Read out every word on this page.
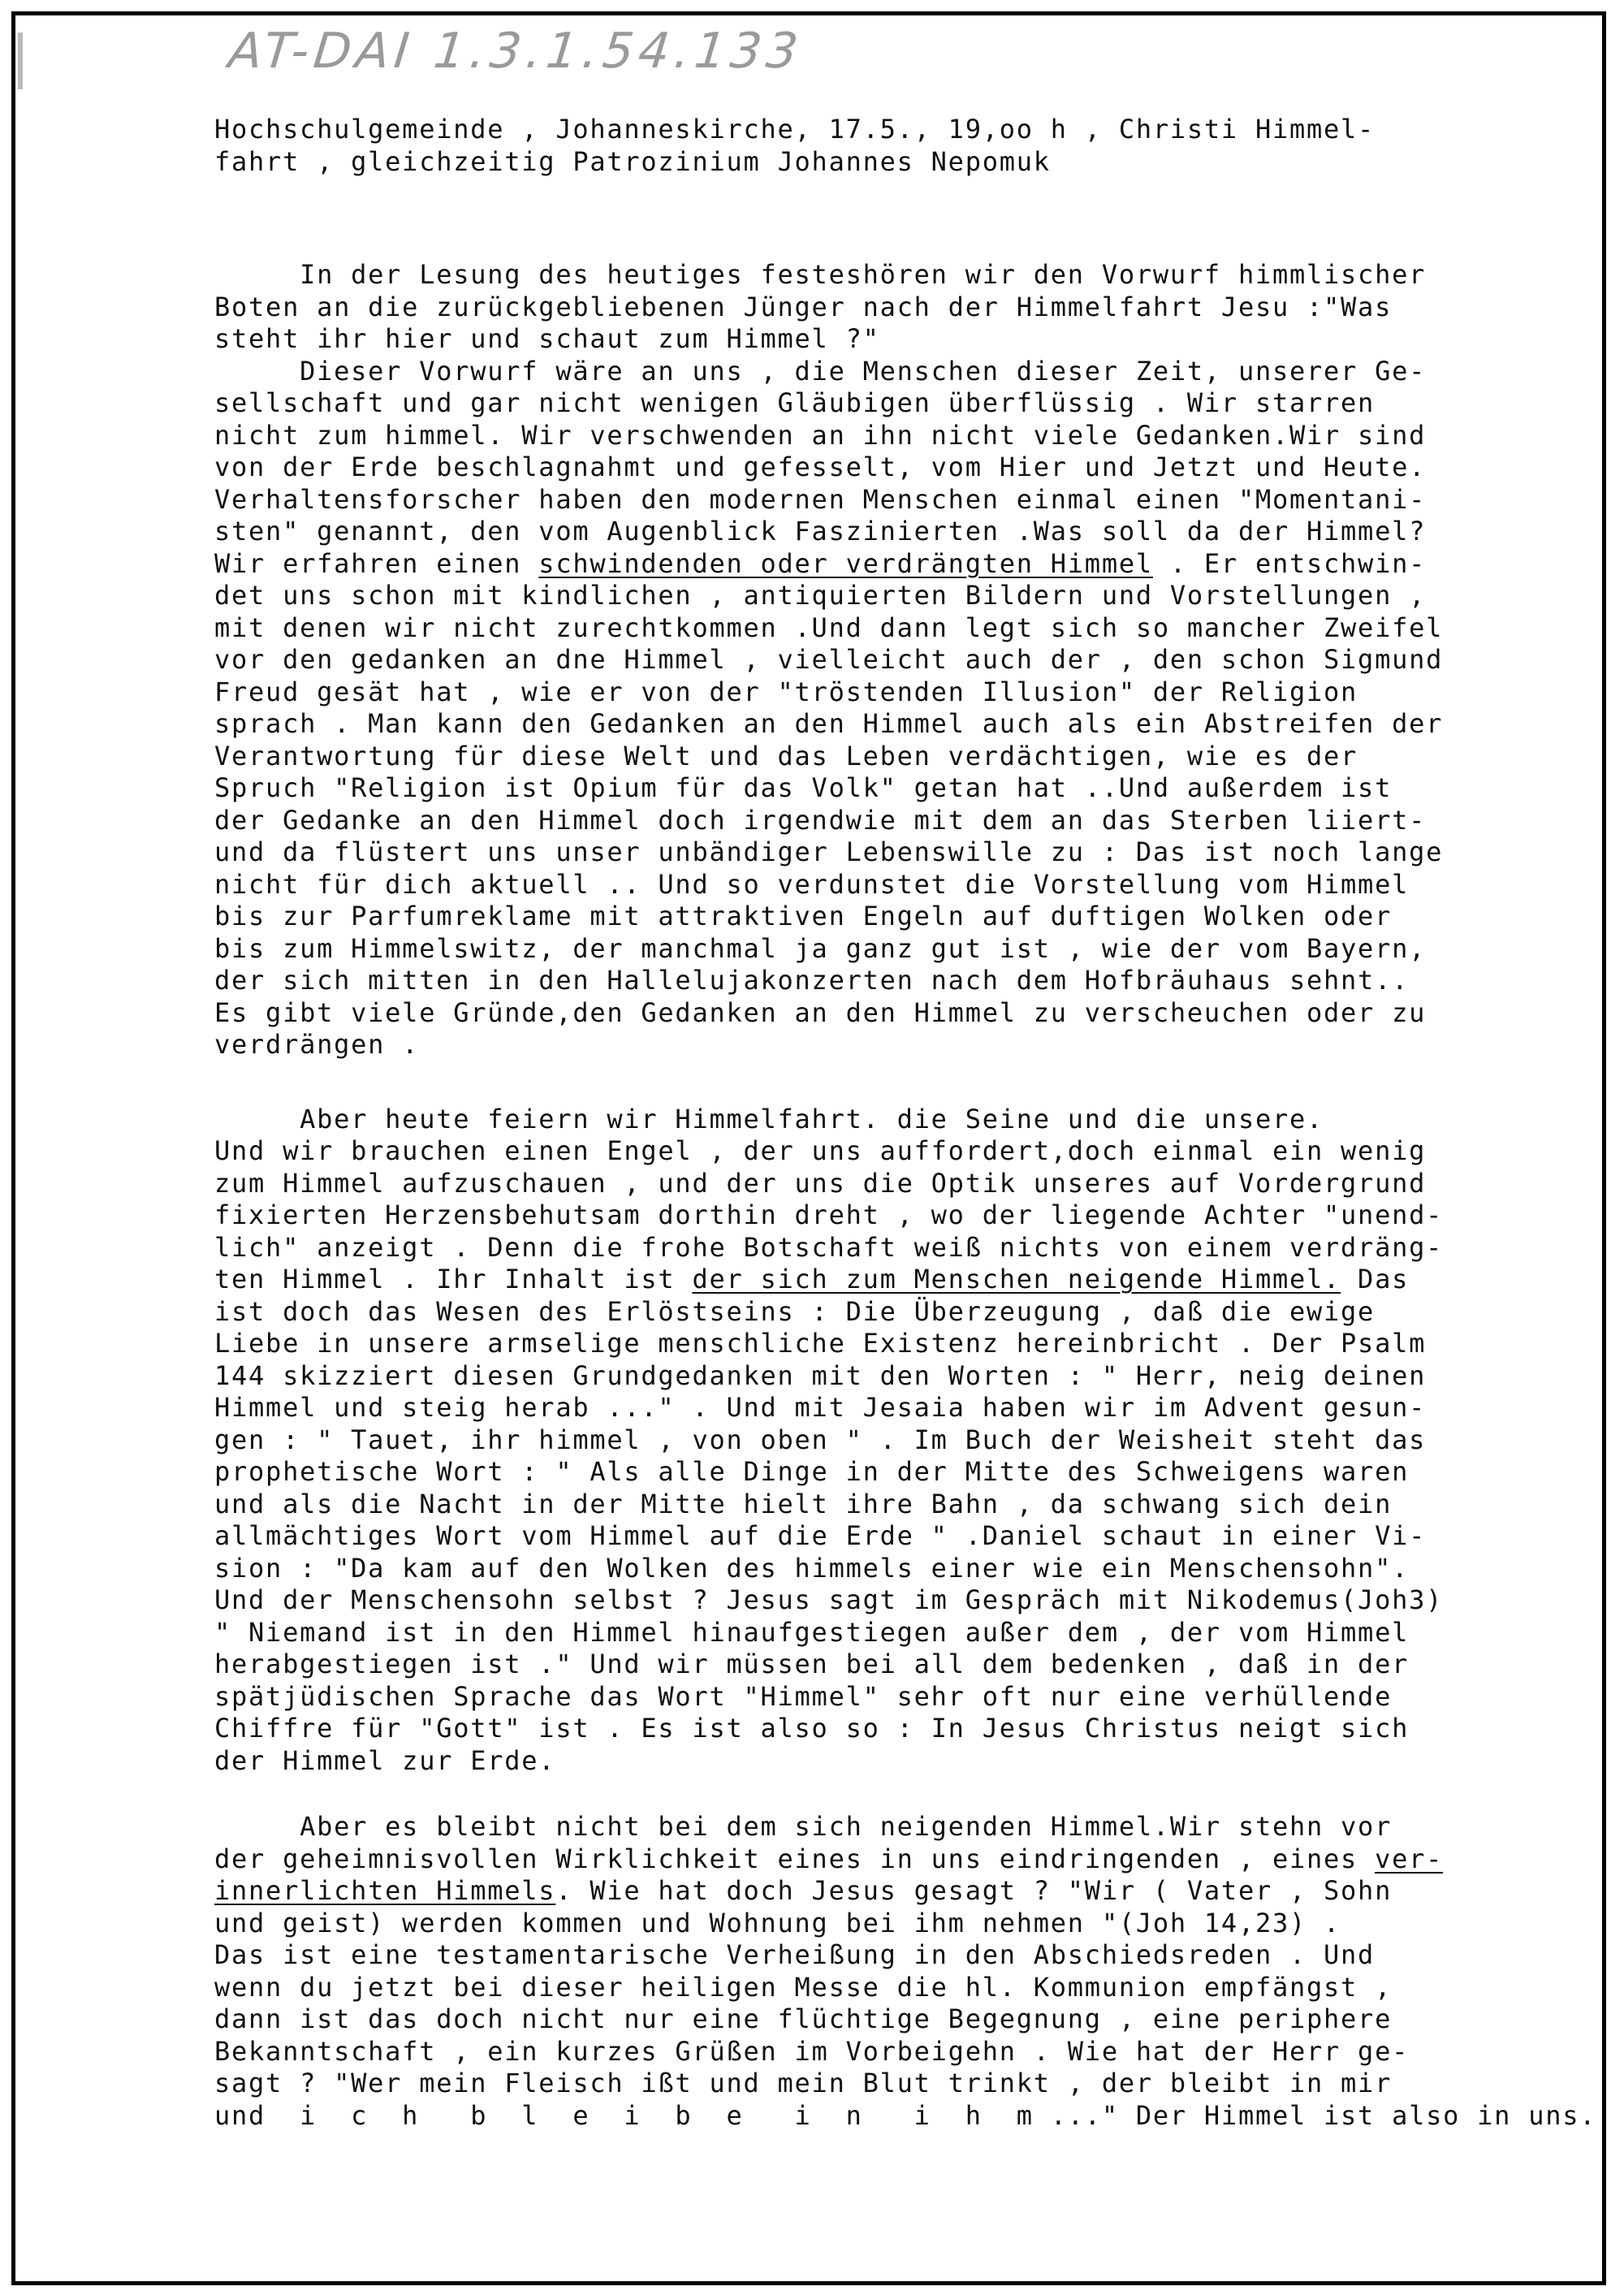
AT-DAI 1.3.1.54.133
Hochschulgemeinde , Johanneskirche, 17.5., 19,oo h , Christi Himmel-
fahrt , gleichzeitig Patrozinium Johannes Nepomuk
In der Lesung des heutiges festeshören wir den Vorwurf himmlischer
Boten an die zurückgebliebenen Jünger nach der Himmelfahrt Jesu :"Was
steht ihr hier und schaut zum Himmel ?"
Dieser Vorwurf wäre an uns , die Menschen dieser Zeit, unserer Ge-
sellschaft und gar nicht wenigen Gläubigen überflüssig . Wir starren
nicht zum himmel. Wir verschwenden an ihn nicht viele Gedanken.Wir sind
von der Erde beschlagnahmt und gefesselt, vom Hier und Jetzt und Heute.
Verhaltensforscher haben den modernen Menschen einmal einen "Momentani-
sten" genannt, den vom Augenblick Faszinierten .Was soll da der Himmel?
Wir erfahren einen schwindenden oder verdrängten Himmel . Er entschwin-
det uns schon mit kindlichen , antiquierten Bildern und Vorstellungen ,
mit denen wir nicht zurechtkommen .Und dann legt sich so mancher Zweifel
vor den gedanken an dne Himmel , vielleicht auch der , den schon Sigmund
Freud gesät hat , wie er von der "tröstenden Illusion" der Religion
sprach . Man kann den Gedanken an den Himmel auch als ein Abstreifen der
Verantwortung für diese Welt und das Leben verdächtigen, wie es der
Spruch "Religion ist Opium für das Volk" getan hat ..Und außerdem ist
der Gedanke an den Himmel doch irgendwie mit dem an das Sterben liiert-
und da flüstert uns unser unbändiger Lebenswille zu : Das ist noch lange
nicht für dich aktuell .. Und so verdunstet die Vorstellung vom Himmel
bis zur Parfumreklame mit attraktiven Engeln auf duftigen Wolken oder
bis zum Himmelswitz, der manchmal ja ganz gut ist , wie der vom Bayern,
der sich mitten in den Hallelujakonzerten nach dem Hofbräuhaus sehnt..
Es gibt viele Gründe,den Gedanken an den Himmel zu verscheuchen oder zu
verdrängen .
Aber heute feiern wir Himmelfahrt. die Seine und die unsere.
Und wir brauchen einen Engel , der uns auffordert,doch einmal ein wenig
zum Himmel aufzuschauen , und der uns die Optik unseres auf Vordergrund
fixierten Herzensbehutsam dorthin dreht , wo der liegende Achter "unend-
lich" anzeigt . Denn die frohe Botschaft weiß nichts von einem verdräng-
ten Himmel . Ihr Inhalt ist der sich zum Menschen neigende Himmel. Das
ist doch das Wesen des Erlöstseins : Die Überzeugung , daß die ewige
Liebe in unsere armselige menschliche Existenz hereinbricht . Der Psalm
144 skizziert diesen Grundgedanken mit den Worten : " Herr, neig deinen
Himmel und steig herab ..." . Und mit Jesaia haben wir im Advent gesun-
gen : " Tauet, ihr himmel , von oben " . Im Buch der Weisheit steht das
prophetische Wort : " Als alle Dinge in der Mitte des Schweigens waren
und als die Nacht in der Mitte hielt ihre Bahn , da schwang sich dein
allmächtiges Wort vom Himmel auf die Erde " .Daniel schaut in einer Vi-
sion : "Da kam auf den Wolken des himmels einer wie ein Menschensohn".
Und der Menschensohn selbst ? Jesus sagt im Gespräch mit Nikodemus(Joh3)
" Niemand ist in den Himmel hinaufgestiegen außer dem , der vom Himmel
herabgestiegen ist ." Und wir müssen bei all dem bedenken , daß in der
spätjüdischen Sprache das Wort "Himmel" sehr oft nur eine verhüllende
Chiffre für "Gott" ist . Es ist also so : In Jesus Christus neigt sich
der Himmel zur Erde.
Aber es bleibt nicht bei dem sich neigenden Himmel.Wir stehn vor
der geheimnisvollen Wirklichkeit eines in uns eindringenden , eines ver-
innerlichten Himmels. Wie hat doch Jesus gesagt ? "Wir ( Vater , Sohn
und geist) werden kommen und Wohnung bei ihm nehmen "(Joh 14,23) .
Das ist eine testamentarische Verheißung in den Abschiedsreden . Und
wenn du jetzt bei dieser heiligen Messe die hl. Kommunion empfängst ,
dann ist das doch nicht nur eine flüchtige Begegnung , eine periphere
Bekanntschaft , ein kurzes Grüßen im Vorbeigehn . Wie hat der Herr ge-
sagt ? "Wer mein Fleisch ißt und mein Blut trinkt , der bleibt in mir
und  i  c  h   b  l  e  i  b  e   i  n   i  h  m ..." Der Himmel ist also in uns.
